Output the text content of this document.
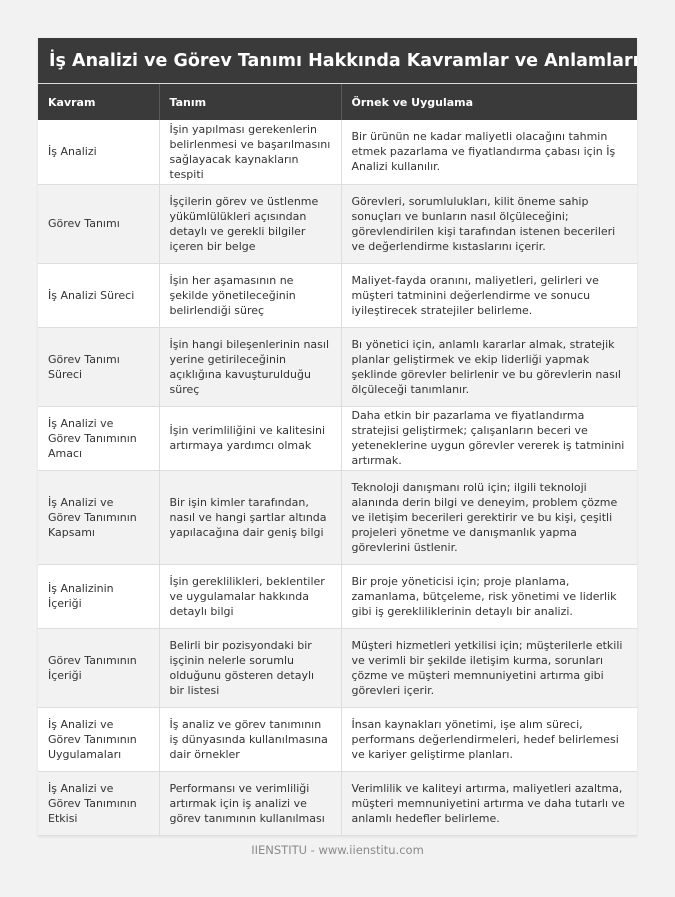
İş Analizi ve Görev Tanımı Hakkında Kavramlar ve Anlamları
Kavram	Tanım	Örnek ve Uygulama
İş Analizi	İşin yapılması gerekenlerin belirlenmesi ve başarılmasını sağlayacak kaynakların tespiti	Bir ürünün ne kadar maliyetli olacağını tahmin etmek pazarlama ve fiyatlandırma çabası için İş Analizi kullanılır.
Görev Tanımı	İşçilerin görev ve üstlenme yükümlülükleri açısından detaylı ve gerekli bilgiler içeren bir belge	Görevleri, sorumlulukları, kilit öneme sahip sonuçları ve bunların nasıl ölçüleceğini; görevlendirilen kişi tarafından istenen becerileri ve değerlendirme kıstaslarını içerir.
İş Analizi Süreci	İşin her aşamasının ne şekilde yönetileceğinin belirlendiği süreç	Maliyet-fayda oranını, maliyetleri, gelirleri ve müşteri tatminini değerlendirme ve sonucu iyileştirecek stratejiler belirleme.
Görev Tanımı Süreci	İşin hangi bileşenlerinin nasıl yerine getirileceğinin açıklığına kavuşturulduğu süreç	Bı yönetici için, anlamlı kararlar almak, stratejik planlar geliştirmek ve ekip liderliği yapmak şeklinde görevler belirlenir ve bu görevlerin nasıl ölçüleceği tanımlanır.
İş Analizi ve Görev Tanımının Amacı	İşin verimliliğini ve kalitesini artırmaya yardımcı olmak	Daha etkin bir pazarlama ve fiyatlandırma stratejisi geliştirmek; çalışanların beceri ve yeteneklerine uygun görevler vererek iş tatminini artırmak.
İş Analizi ve Görev Tanımının Kapsamı	Bir işin kimler tarafından, nasıl ve hangi şartlar altında yapılacağına dair geniş bilgi	Teknoloji danışmanı rolü için; ilgili teknoloji alanında derin bilgi ve deneyim, problem çözme ve iletişim becerileri gerektirir ve bu kişi, çeşitli projeleri yönetme ve danışmanlık yapma görevlerini üstlenir.
İş Analizinin İçeriği	İşin gereklilikleri, beklentiler ve uygulamalar hakkında detaylı bilgi	Bir proje yöneticisi için; proje planlama, zamanlama, bütçeleme, risk yönetimi ve liderlik gibi iş gerekliliklerinin detaylı bir analizi.
Görev Tanımının İçeriği	Belirli bir pozisyondaki bir işçinin nelerle sorumlu olduğunu gösteren detaylı bir listesi	Müşteri hizmetleri yetkilisi için; müşterilerle etkili ve verimli bir şekilde iletişim kurma, sorunları çözme ve müşteri memnuniyetini artırma gibi görevleri içerir.
İş Analizi ve Görev Tanımının Uygulamaları	İş analiz ve görev tanımının iş dünyasında kullanılmasına dair örnekler	İnsan kaynakları yönetimi, işe alım süreci, performans değerlendirmeleri, hedef belirlemesi ve kariyer geliştirme planları.
İş Analizi ve Görev Tanımının Etkisi	Performansı ve verimliliği artırmak için iş analizi ve görev tanımının kullanılması	Verimlilik ve kaliteyi artırma, maliyetleri azaltma, müşteri memnuniyetini artırma ve daha tutarlı ve anlamlı hedefler belirleme.
IIENSTITU - www.iienstitu.com
